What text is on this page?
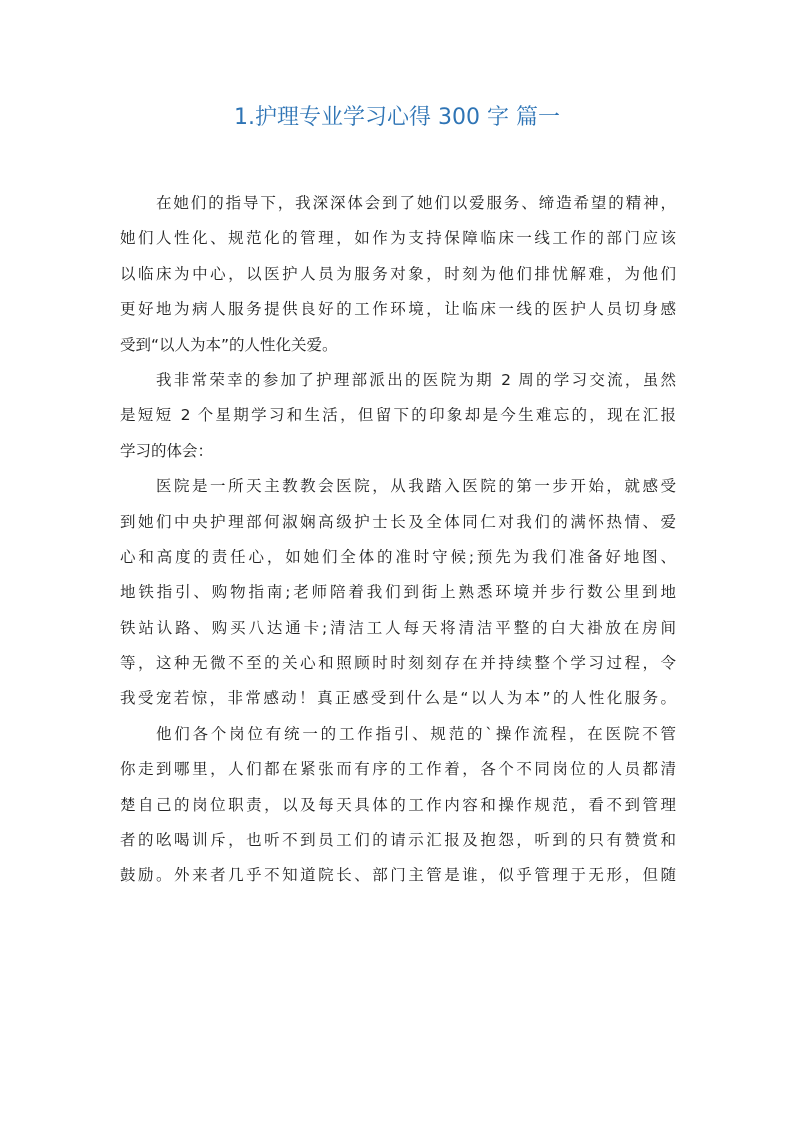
1.护理专业学习心得 300 字 篇一
在她们的指导下，我深深体会到了她们以爱服务、缔造希望的精神，
她们人性化、规范化的管理，如作为支持保障临床一线工作的部门应该
以临床为中心，以医护人员为服务对象，时刻为他们排忧解难，为他们
更好地为病人服务提供良好的工作环境，让临床一线的医护人员切身感
受到“以人为本”的人性化关爱。
我非常荣幸的参加了护理部派出的医院为期 2 周的学习交流，虽然
是短短 2 个星期学习和生活，但留下的印象却是今生难忘的，现在汇报
学习的体会：
医院是一所天主教教会医院，从我踏入医院的第一步开始，就感受
到她们中央护理部何淑娴高级护士长及全体同仁对我们的满怀热情、爱
心和高度的责任心，如她们全体的准时守候;预先为我们准备好地图、
地铁指引、购物指南;老师陪着我们到街上熟悉环境并步行数公里到地
铁站认路、购买八达通卡;清洁工人每天将清洁平整的白大褂放在房间
等，这种无微不至的关心和照顾时时刻刻存在并持续整个学习过程，令
我受宠若惊，非常感动！真正感受到什么是“以人为本”的人性化服务。
他们各个岗位有统一的工作指引、规范的`操作流程，在医院不管
你走到哪里，人们都在紧张而有序的工作着，各个不同岗位的人员都清
楚自己的岗位职责，以及每天具体的工作内容和操作规范，看不到管理
者的吆喝训斥，也听不到员工们的请示汇报及抱怨，听到的只有赞赏和
鼓励。外来者几乎不知道院长、部门主管是谁，似乎管理于无形，但随
